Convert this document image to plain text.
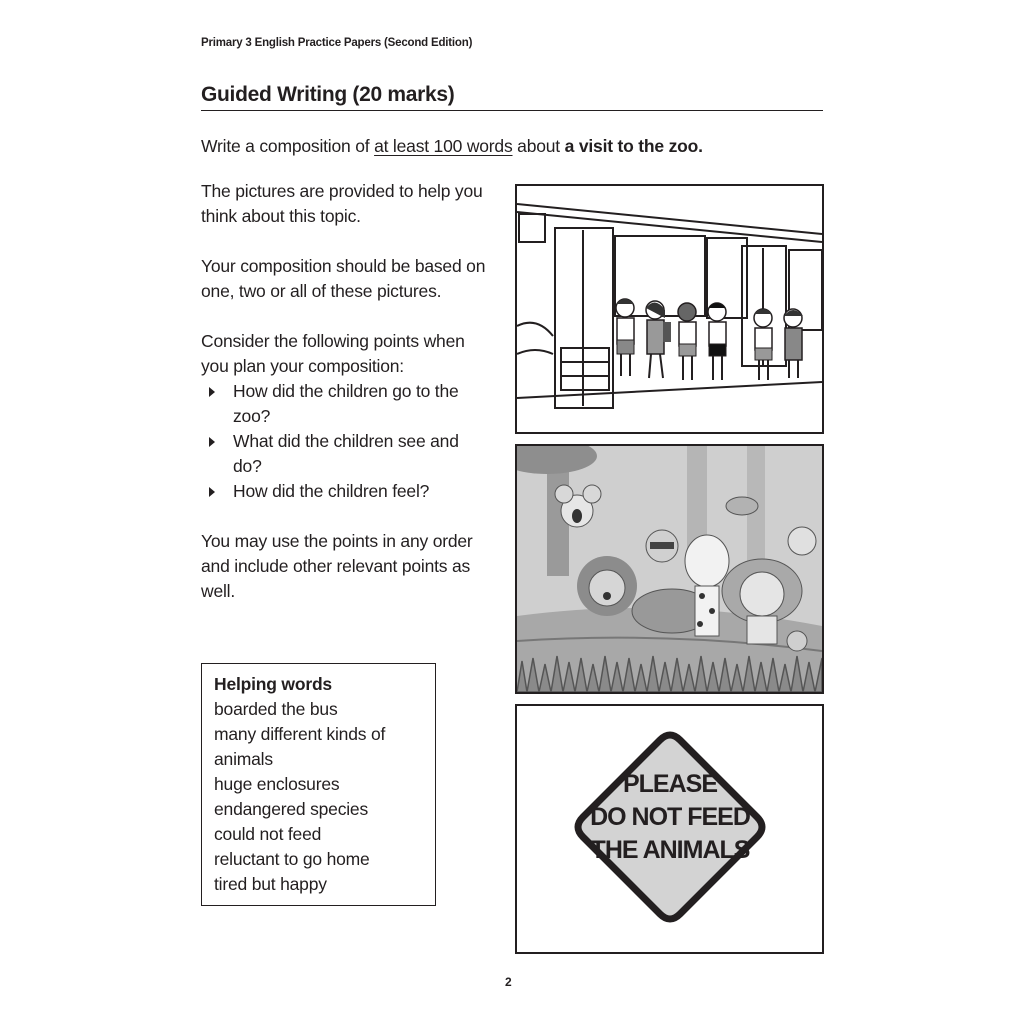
Primary 3 English Practice Papers (Second Edition)
Guided Writing (20 marks)
Write a composition of at least 100 words about a visit to the zoo.

The pictures are provided to help you think about this topic.

Your composition should be based on one, two or all of these pictures.

Consider the following points when you plan your composition:

How did the children go to the zoo?
What did the children see and do?
How did the children feel?

You may use the points in any order and include other relevant points as well.

Helping words
boarded the bus
many different kinds of animals
huge enclosures
endangered species
could not feed
reluctant to go home
tired but happy
PLEASE
DO NOT FEED
THE ANIMALS
2
